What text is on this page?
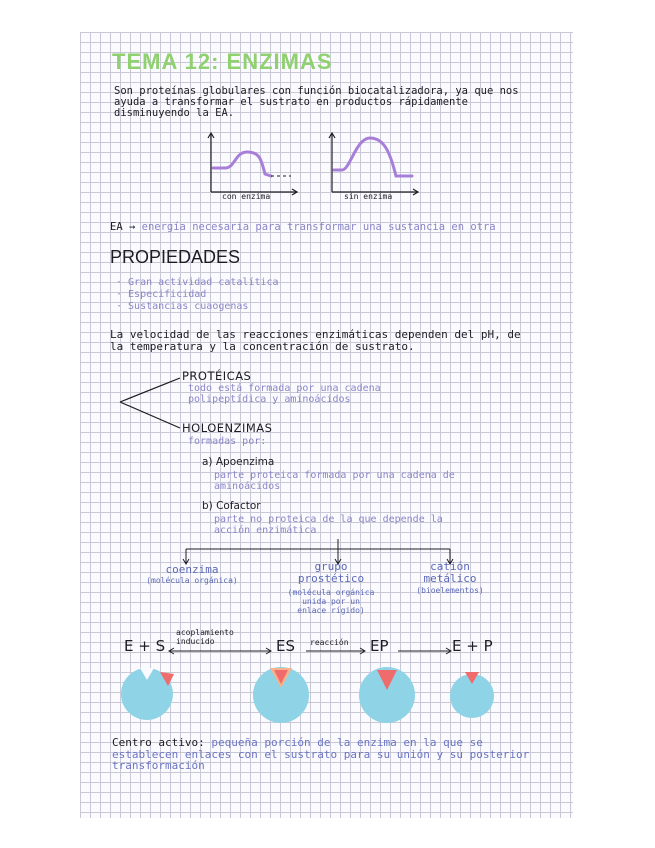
TEMA 12: ENZIMAS
Son proteínas globulares con función biocatalizadora, ya que nos ayuda a transformar el sustrato en productos rápidamente disminuyendo la EA.
con enzima	sin enzima
EA → energía necesaria para transformar una sustancia en otra
PROPIEDADES
· Gran actividad catalítica
· Especificidad
· Sustancias cuaogenas
La velocidad de las reacciones enzimáticas dependen del pH, de la temperatura y la concentración de sustrato.
PROTÉICAS
todo está formada por una cadena
polipeptídica y aminoácidos
HOLOENZIMAS
formadas por:
a) Apoenzima
parte proteica formada por una cadena de
aminoácidos
b) Cofactor
parte no proteica de la que depende la
acción enzimática
coenzima
(molécula orgánica)
grupo prostético
(molécula orgánica
unida por un
enlace rígido)
catión metálico
(bioelementos)
E + S	ES	EP	E + P
acoplamiento inducido	reacción
Centro activo: pequeña porción de la enzima en la que se establecen enlaces con el sustrato para su unión y su posterior transformación
